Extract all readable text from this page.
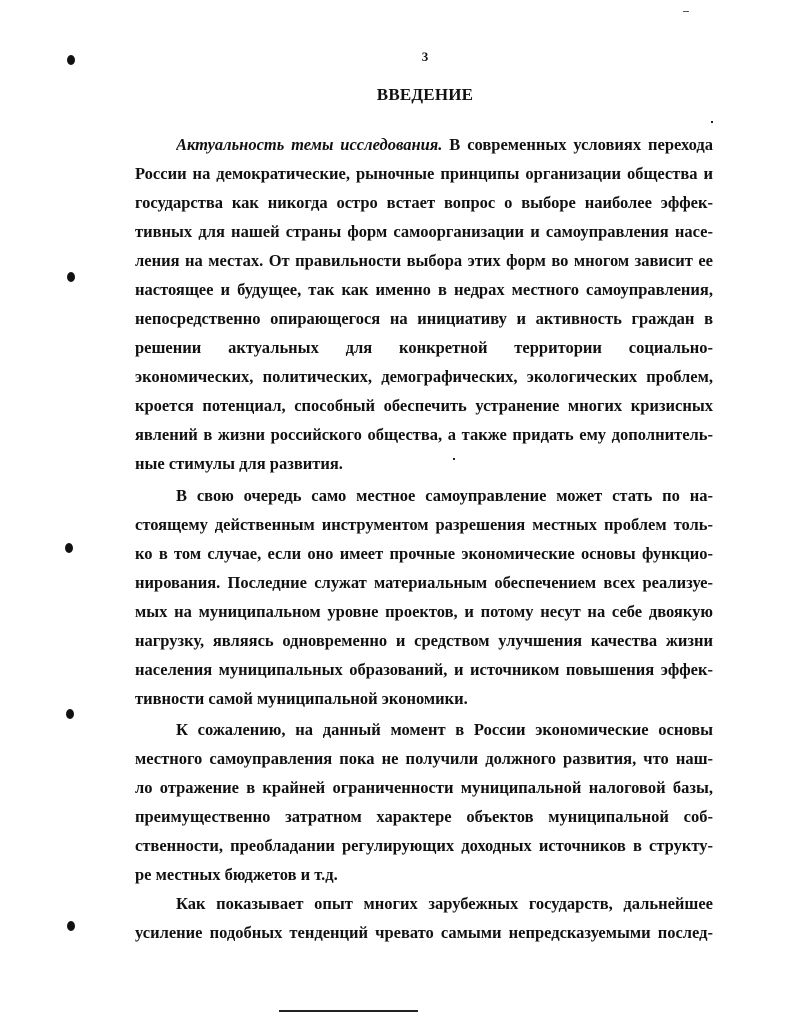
3
ВВЕДЕНИЕ
Актуальность темы исследования. В современных условиях перехода
России на демократические, рыночные принципы организации общества и
государства как никогда остро встает вопрос о выборе наиболее эффек-
тивных для нашей страны форм самоорганизации и самоуправления насе-
ления на местах. От правильности выбора этих форм во многом зависит ее
настоящее и будущее, так как именно в недрах местного самоуправления,
непосредственно опирающегося на инициативу и активность граждан в
решении актуальных для конкретной территории социально-
экономических, политических, демографических, экологических проблем,
кроется потенциал, способный обеспечить устранение многих кризисных
явлений в жизни российского общества, а также придать ему дополнитель-
ные стимулы для развития.
В свою очередь само местное самоуправление может стать по на-
стоящему действенным инструментом разрешения местных проблем толь-
ко в том случае, если оно имеет прочные экономические основы функцио-
нирования. Последние служат материальным обеспечением всех реализуе-
мых на муниципальном уровне проектов, и потому несут на себе двоякую
нагрузку, являясь одновременно и средством улучшения качества жизни
населения муниципальных образований, и источником повышения эффек-
тивности самой муниципальной экономики.
К сожалению, на данный момент в России экономические основы
местного самоуправления пока не получили должного развития, что наш-
ло отражение в крайней ограниченности муниципальной налоговой базы,
преимущественно затратном характере объектов муниципальной соб-
ственности, преобладании регулирующих доходных источников в структу-
ре местных бюджетов и т.д.
Как показывает опыт многих зарубежных государств, дальнейшее
усиление подобных тенденций чревато самыми непредсказуемыми послед-
